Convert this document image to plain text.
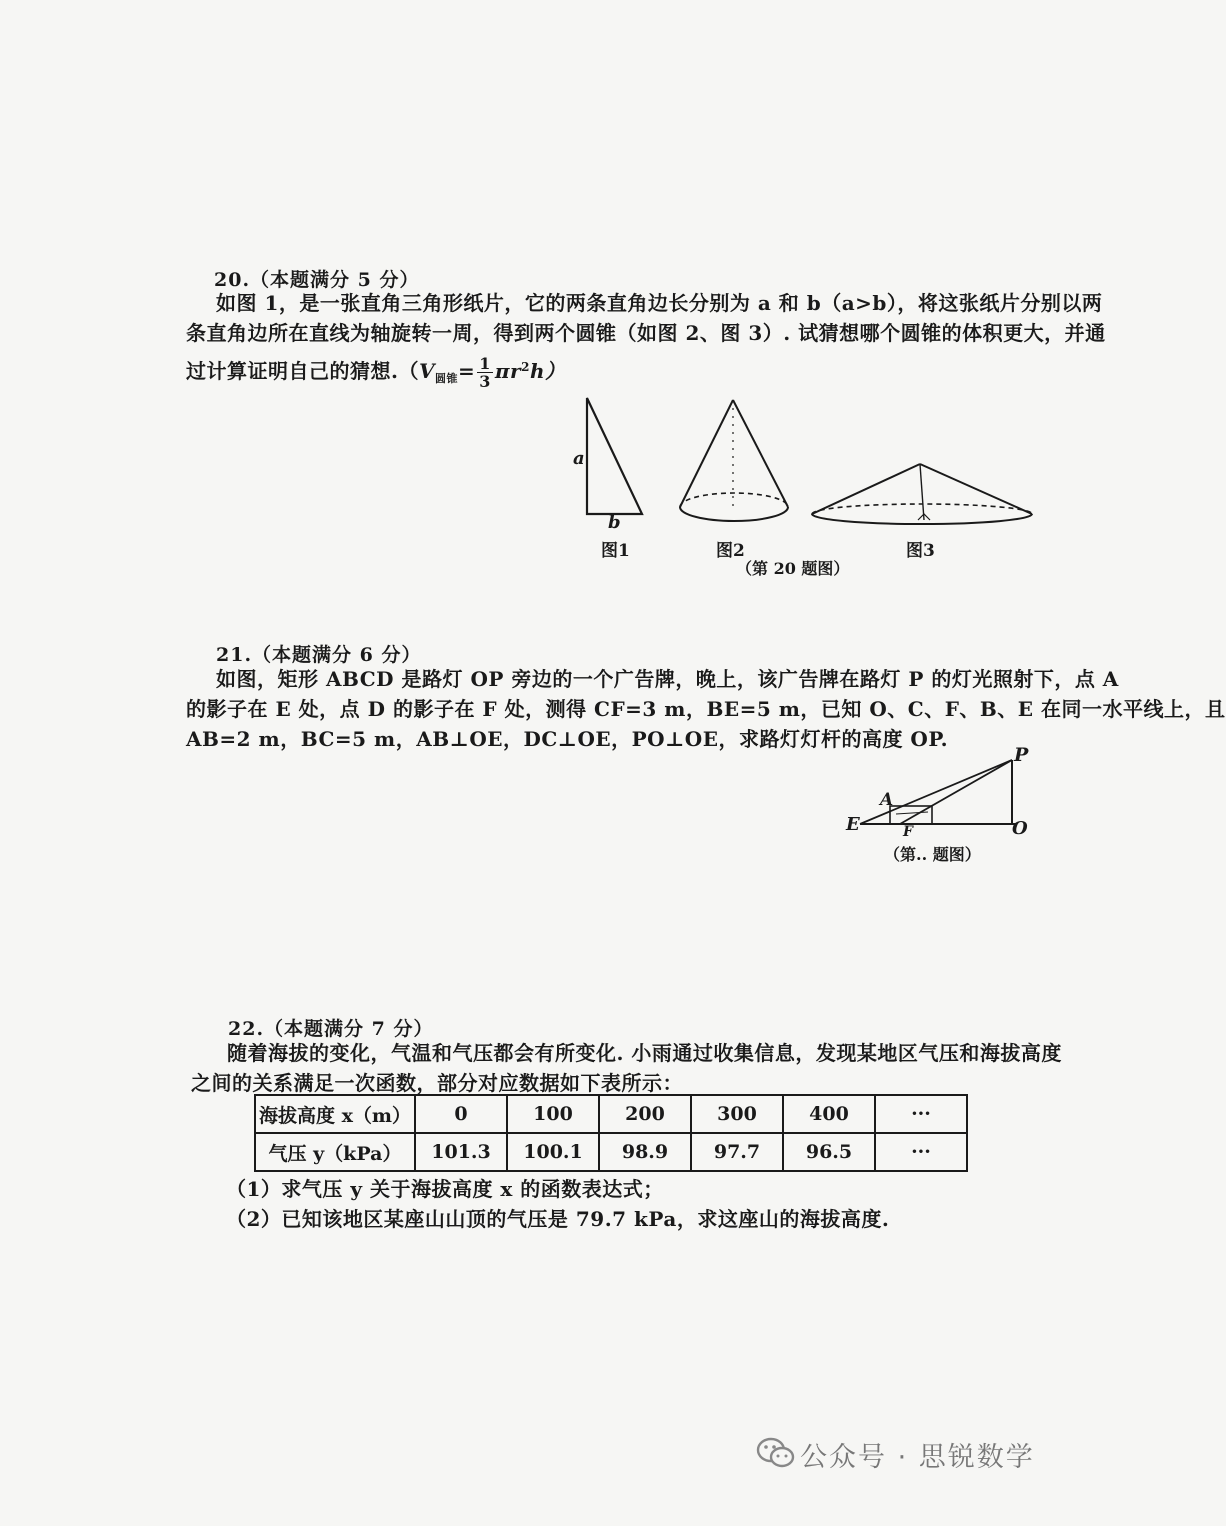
20.（本题满分 5 分）

如图 1，是一张直角三角形纸片，它的两条直角边长分别为 a 和 b（a>b），将这张纸片分别以两

条直角边所在直线为轴旋转一周，得到两个圆锥（如图 2、图 3）. 试猜想哪个圆锥的体积更大，并通

过计算证明自己的猜想$.(V_{圆锥}= \frac{1}{3} \pi r^2h)$

a
b
图1	图2	图3
（第 20 题图）
21.（本题满分 6 分）

如图，矩形 ABCD 是路灯 OP 旁边的一个广告牌，晚上，该广告牌在路灯 P 的灯光照射下，点 A

的影子在 E 处，点 D 的影子在 F 处，测得 CF=3 m，BE=5 m，已知 O、C、F、B、E 在同一水平线上，且

AB=2 m，BC=5 m，AB⊥OE，DC⊥OE，PO⊥OE，求路灯灯杆的高度 OP.

P
A
E	O
F
（第.. 题图）
22.（本题满分 7 分）

随着海拔的变化，气温和气压都会有所变化. 小雨通过收集信息，发现某地区气压和海拔高度

之间的关系满足一次函数，部分对应数据如下表所示：

海拔高度 x（m）	0	100	200	300	400	···
气压 y（kPa）	101.3	100.1	98.9	97.7	96.5	···

（1）求气压 y 关于海拔高度 x 的函数表达式；

（2）已知该地区某座山山顶的气压是 79.7 kPa，求这座山的海拔高度.

公众号 · 思锐数学
